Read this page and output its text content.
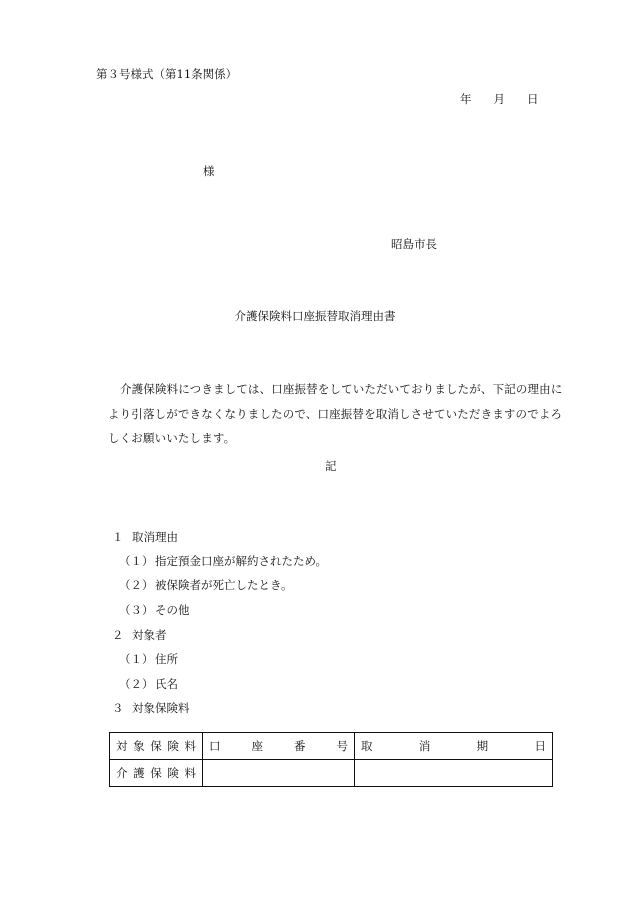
第３号様式（第11条関係）
年 月 日
様
昭島市長
介護保険料口座振替取消理由書
介護保険料につきましては、口座振替をしていただいておりましたが、下記の理由により引落しができなくなりましたので、口座振替を取消しさせていただきますのでよろしくお願いいたします。
記
１ 取消理由
（１） 指定預金口座が解約されたため。
（２） 被保険者が死亡したとき。
（３） その他
２ 対象者
（１） 住所
（２） 氏名
３ 対象保険料
対 象 保 険 料	口 座 番 号	取 消 期 日

介 護 保 険 料		
